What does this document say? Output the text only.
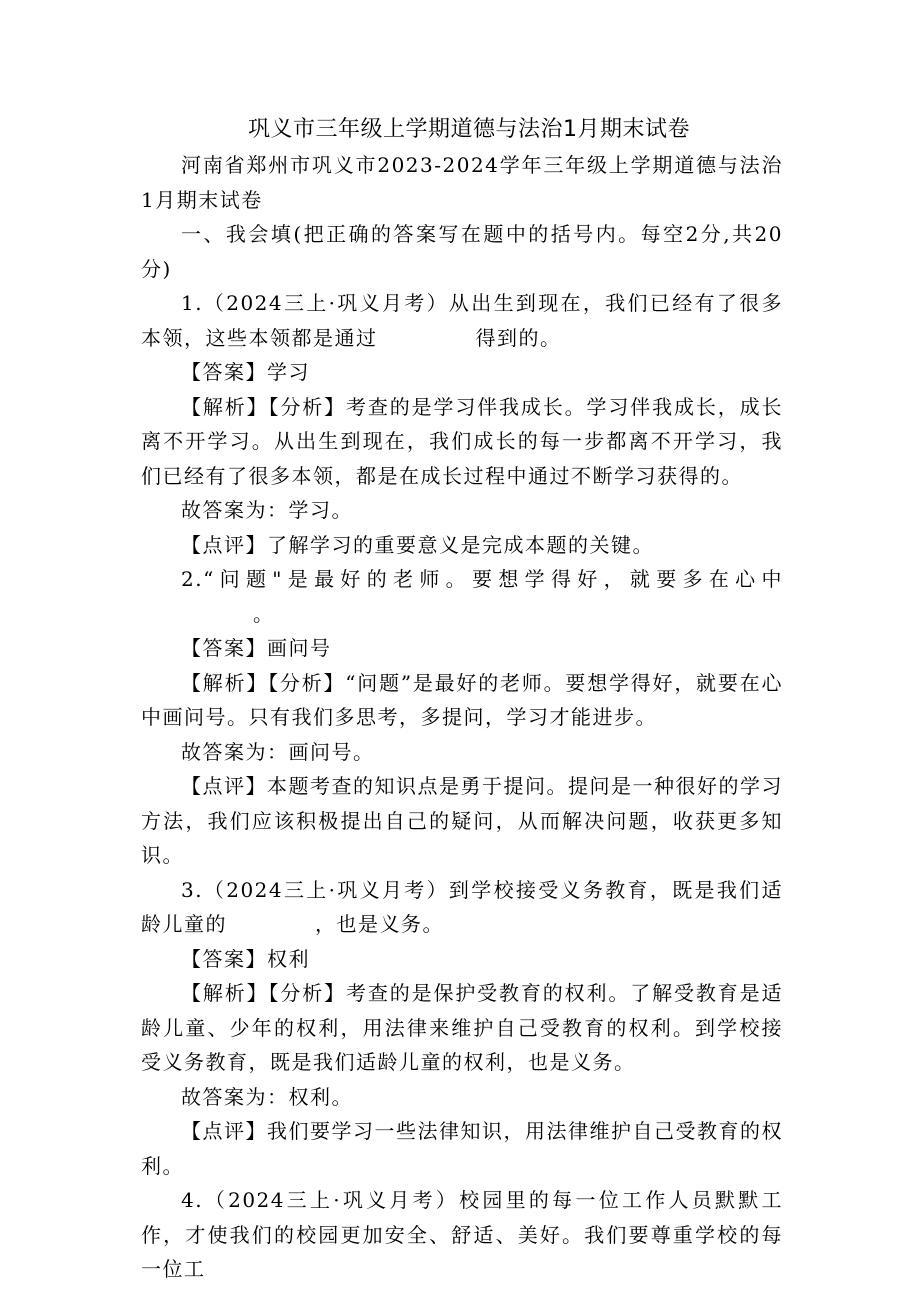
巩义市三年级上学期道德与法治1月期末试卷

河南省郑州市巩义市2023-2024学年三年级上学期道德与法治1月期末试卷

一、我会填(把正确的答案写在题中的括号内。每空2分,共20分)

1.（2024三上·巩义月考）从出生到现在，我们已经有了很多本领，这些本领都是通过	得到的。

【答案】学习

【解析】【分析】考查的是学习伴我成长。学习伴我成长，成长离不开学习。从出生到现在，我们成长的每一步都离不开学习，我们已经有了很多本领，都是在成长过程中通过不断学习获得的。

故答案为：学习。

【点评】了解学习的重要意义是完成本题的关键。

2.“问题"是最好的老师。要想学得好，就要多在心中。

【答案】画问号

【解析】【分析】“问题”是最好的老师。要想学得好，就要在心中画问号。只有我们多思考，多提问，学习才能进步。

故答案为：画问号。

【点评】本题考查的知识点是勇于提问。提问是一种很好的学习方法，我们应该积极提出自己的疑问，从而解决问题，收获更多知识。

3.（2024三上·巩义月考）到学校接受义务教育，既是我们适龄儿童的	，也是义务。

【答案】权利

【解析】【分析】考查的是保护受教育的权利。了解受教育是适龄儿童、少年的权利，用法律来维护自己受教育的权利。到学校接受义务教育，既是我们适龄儿童的权利，也是义务。

故答案为：权利。

【点评】我们要学习一些法律知识，用法律维护自己受教育的权利。

4.（2024三上·巩义月考）校园里的每一位工作人员默默工作，才使我们的校园更加安全、舒适、美好。我们要尊重学校的每一位工
